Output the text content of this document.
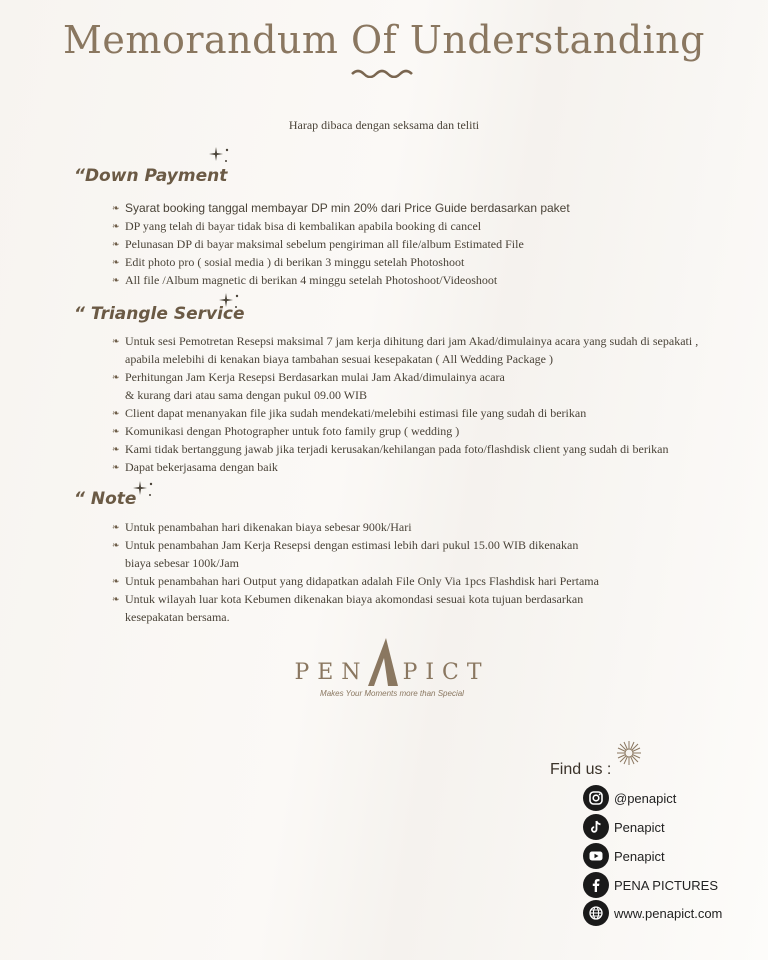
Memorandum Of Understanding
Harap dibaca dengan seksama dan teliti
“Down Payment
❧ Syarat booking tanggal membayar DP min 20% dari Price Guide berdasarkan paket
❧ DP yang telah di bayar tidak bisa di kembalikan apabila booking di cancel
❧ Pelunasan DP di bayar maksimal sebelum pengiriman all file/album Estimated File
❧ Edit photo pro ( sosial media ) di berikan 3 minggu setelah Photoshoot
❧ All file /Album magnetic di berikan 4 minggu setelah Photoshoot/Videoshoot
“ Triangle Service
❧ Untuk sesi Pemotretan Resepsi maksimal 7 jam kerja dihitung dari jam Akad/dimulainya acara yang sudah di sepakati ,
apabila melebihi di kenakan biaya tambahan sesuai kesepakatan ( All Wedding Package )
❧ Perhitungan Jam Kerja Resepsi Berdasarkan mulai Jam Akad/dimulainya acara
& kurang dari atau sama dengan pukul 09.00 WIB
❧ Client dapat menanyakan file jika sudah mendekati/melebihi estimasi file yang sudah di berikan
❧ Komunikasi dengan Photographer untuk foto family grup ( wedding )
❧ Kami tidak bertanggung jawab jika terjadi kerusakan/kehilangan pada foto/flashdisk client yang sudah di berikan
❧ Dapat bekerjasama dengan baik
“ Note
❧ Untuk penambahan hari dikenakan biaya sebesar 900k/Hari
❧ Untuk penambahan Jam Kerja Resepsi dengan estimasi lebih dari pukul 15.00 WIB dikenakan
biaya sebesar 100k/Jam
❧ Untuk penambahan hari Output yang didapatkan adalah File Only Via 1pcs Flashdisk hari Pertama
❧ Untuk wilayah luar kota Kebumen dikenakan biaya akomondasi sesuai kota tujuan berdasarkan
kesepakatan bersama.
PEN PICT
Makes Your Moments more than Special
Find us :
@penapict
Penapict
Penapict
PENA PICTURES
www.penapict.com
